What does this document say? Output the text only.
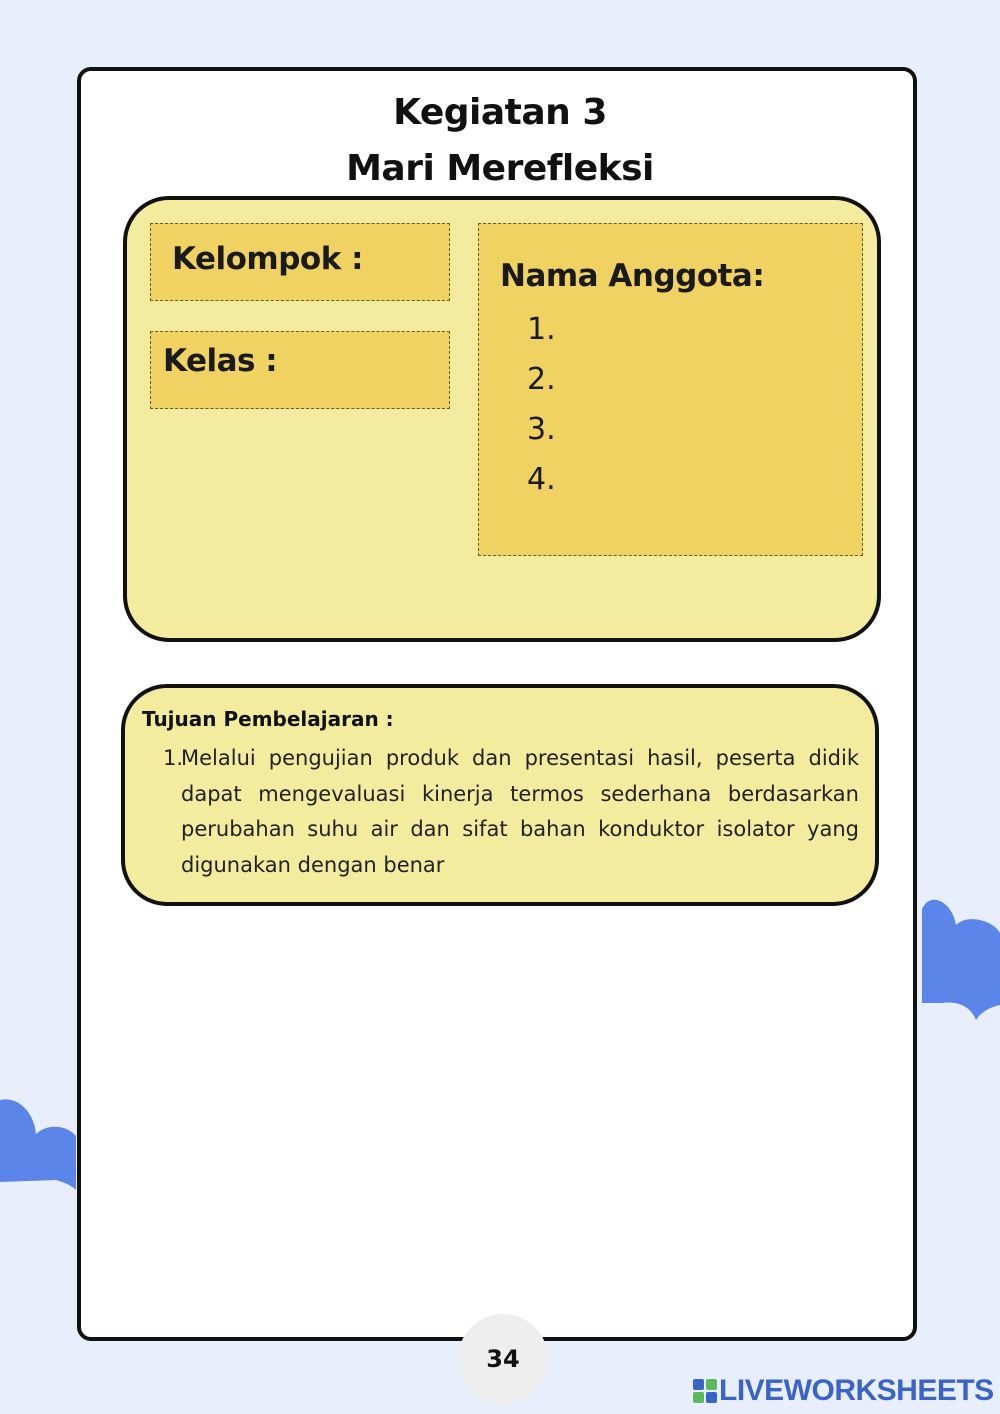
Kegiatan 3
Mari Merefleksi
Kelompok :
Kelas :
Nama Anggota:
1.
2.
3.
4.
Tujuan Pembelajaran :
1.
Melalui pengujian produk dan presentasi hasil, peserta didik dapat mengevaluasi kinerja termos sederhana berdasarkan perubahan suhu air dan sifat bahan konduktor isolator yang digunakan dengan benar
34
LIVEWORKSHEETS
